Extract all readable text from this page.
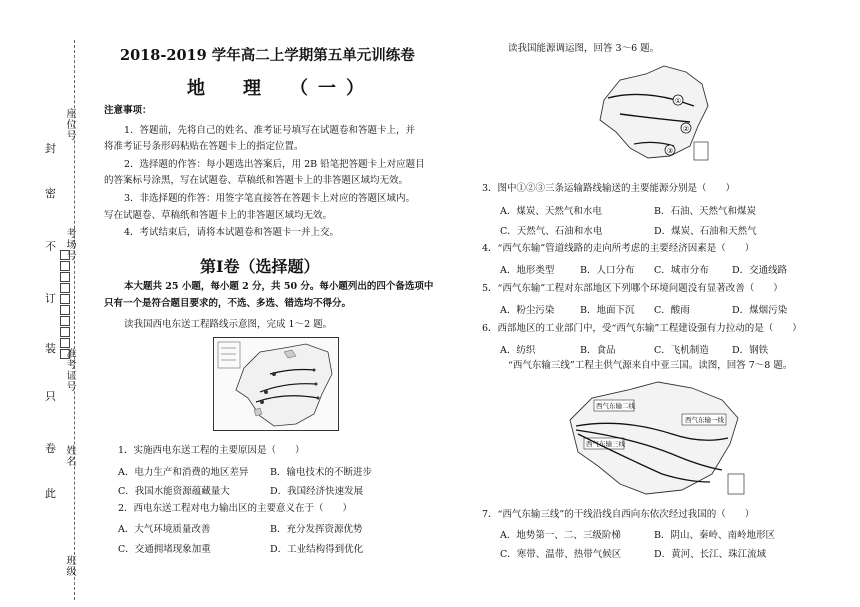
座位号
考场号
准考证号
姓名
班级
封
密
不
订
装
只
卷
此
2018-2019 学年高二上学期第五单元训练卷
地　理　（一）
注意事项：
1．答题前，先将自己的姓名、准考证号填写在试题卷和答题卡上，并
将准考证号条形码粘贴在答题卡上的指定位置。
2．选择题的作答：每小题选出答案后，用 2B 铅笔把答题卡上对应题目
的答案标号涂黑，写在试题卷、草稿纸和答题卡上的非答题区域均无效。
3．非选择题的作答：用签字笔直接答在答题卡上对应的答题区域内。
写在试题卷、草稿纸和答题卡上的非答题区域均无效。
4．考试结束后，请将本试题卷和答题卡一并上交。
第Ⅰ卷（选择题）
本大题共 25 小题，每小题 2 分，共 50 分。每小题列出的四个备选项中
只有一个是符合题目要求的，不选、多选、错选均不得分。
读我国西电东送工程路线示意图，完成 1～2 题。
1．实施西电东送工程的主要原因是（　　）
A．电力生产和消费的地区差异 B．输电技术的不断进步
C．我国水能资源蕴藏量大	D．我国经济快速发展
2．西电东送工程对电力输出区的主要意义在于（　　）
A．大气环境质量改善	B．充分发挥资源优势
C．交通拥堵现象加重	D．工业结构得到优化
读我国能源调运图，回答 3～6 题。
①
②
③
3．图中①②③三条运输路线输送的主要能源分别是（　　）
A．煤炭、天然气和水电	B．石油、天然气和煤炭
C．天然气、石油和水电	D．煤炭、石油和天然气
4．“西气东输”管道线路的走向所考虑的主要经济因素是（　　）
A．地形类型	B．人口分布 C．城市分布 D．交通线路
5．“西气东输”工程对东部地区下列哪个环境问题没有显著改善（　　）
A．粉尘污染	B．地面下沉 C．酸雨	D．煤烟污染
6．西部地区的工业部门中，受“西气东输”工程建设强有力拉动的是（　　）
A．纺织	B．食品	C．飞机制造 D．钢铁
“西气东输三线”工程主供气源来自中亚三国。读图，回答 7～8 题。
西气东输二线
西气东输一线
西气东输三线
7．“西气东输三线”的干线沿线自西向东依次经过我国的（　　）
A．地势第一、二、三级阶梯	B．阴山、秦岭、南岭地形区
C．寒带、温带、热带气候区	D．黄河、长江、珠江流域
